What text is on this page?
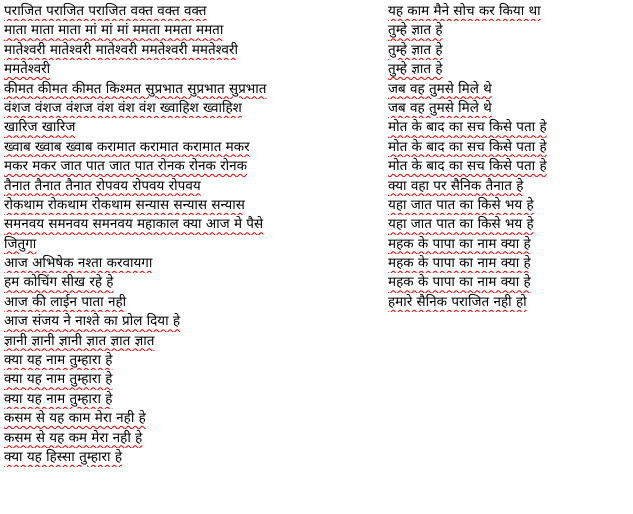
पराजित पराजित पराजित वक्त वक्त वक्त
माता माता माता मां मां मां ममता ममता ममता
मातेश्वरी मातेश्वरी मातेश्वरी ममतेश्वरी ममतेश्वरी
ममतेश्वरी
कीमत कीमत कीमत किश्मत सुप्रभात सुप्रभात सुप्रभात
वंशज वंशज वंशज वंश वंश वंश ख्वाहिश ख्वाहिश
खारिज खारिज
ख्वाब ख्वाब ख्वाब करामात करामात करामात मकर
मकर मकर जात पात जात पात रोनक रोनक रोनक
तैनात तैनात तैनात रोपवय रोपवय रोपवय
रोकथाम रोकथाम रोकथाम सन्यास सन्यास सन्यास
समनवय समनवय समनवय महाकाल क्या आज मे पैसे
जितुगा
आज अभिषेक नश्ता करवायगा
हम कोचिंग सीख रहे हे
आज की लाईन पाता नही
आज संजय ने नाश्ते का प्रोल दिया हे
ज्ञानी ज्ञानी ज्ञानी ज्ञात ज्ञात ज्ञात
क्या यह नाम तुम्हारा हे
क्या यह नाम तुम्हारा हे
क्या यह नाम तुम्हारा हे
कसम से यह काम मेरा नही हे
कसम से यह कम मेरा नही हे
क्या यह हिस्सा तुम्हारा हे
यह काम मैने सोच कर किया था
तुम्हे ज्ञात हे
तुम्हे ज्ञात हे
तुम्हे ज्ञात हे
जब वह तुमसे मिले थे
जब वह तुमसे मिले थे
मोत के बाद का सच किसे पता हे
मोत के बाद का सच किसे पता हे
मोत के बाद का सच किसे पता हे
क्या वहा पर सैनिक तैनात हे
यहा जात पात का किसे भय हे
यहा जात पात का किसे भय हे
महक के पापा का नाम क्या हे
महक के पापा का नाम क्या हे
महक के पापा का नाम क्या हे
हमारे सैनिक पराजित नही हो
